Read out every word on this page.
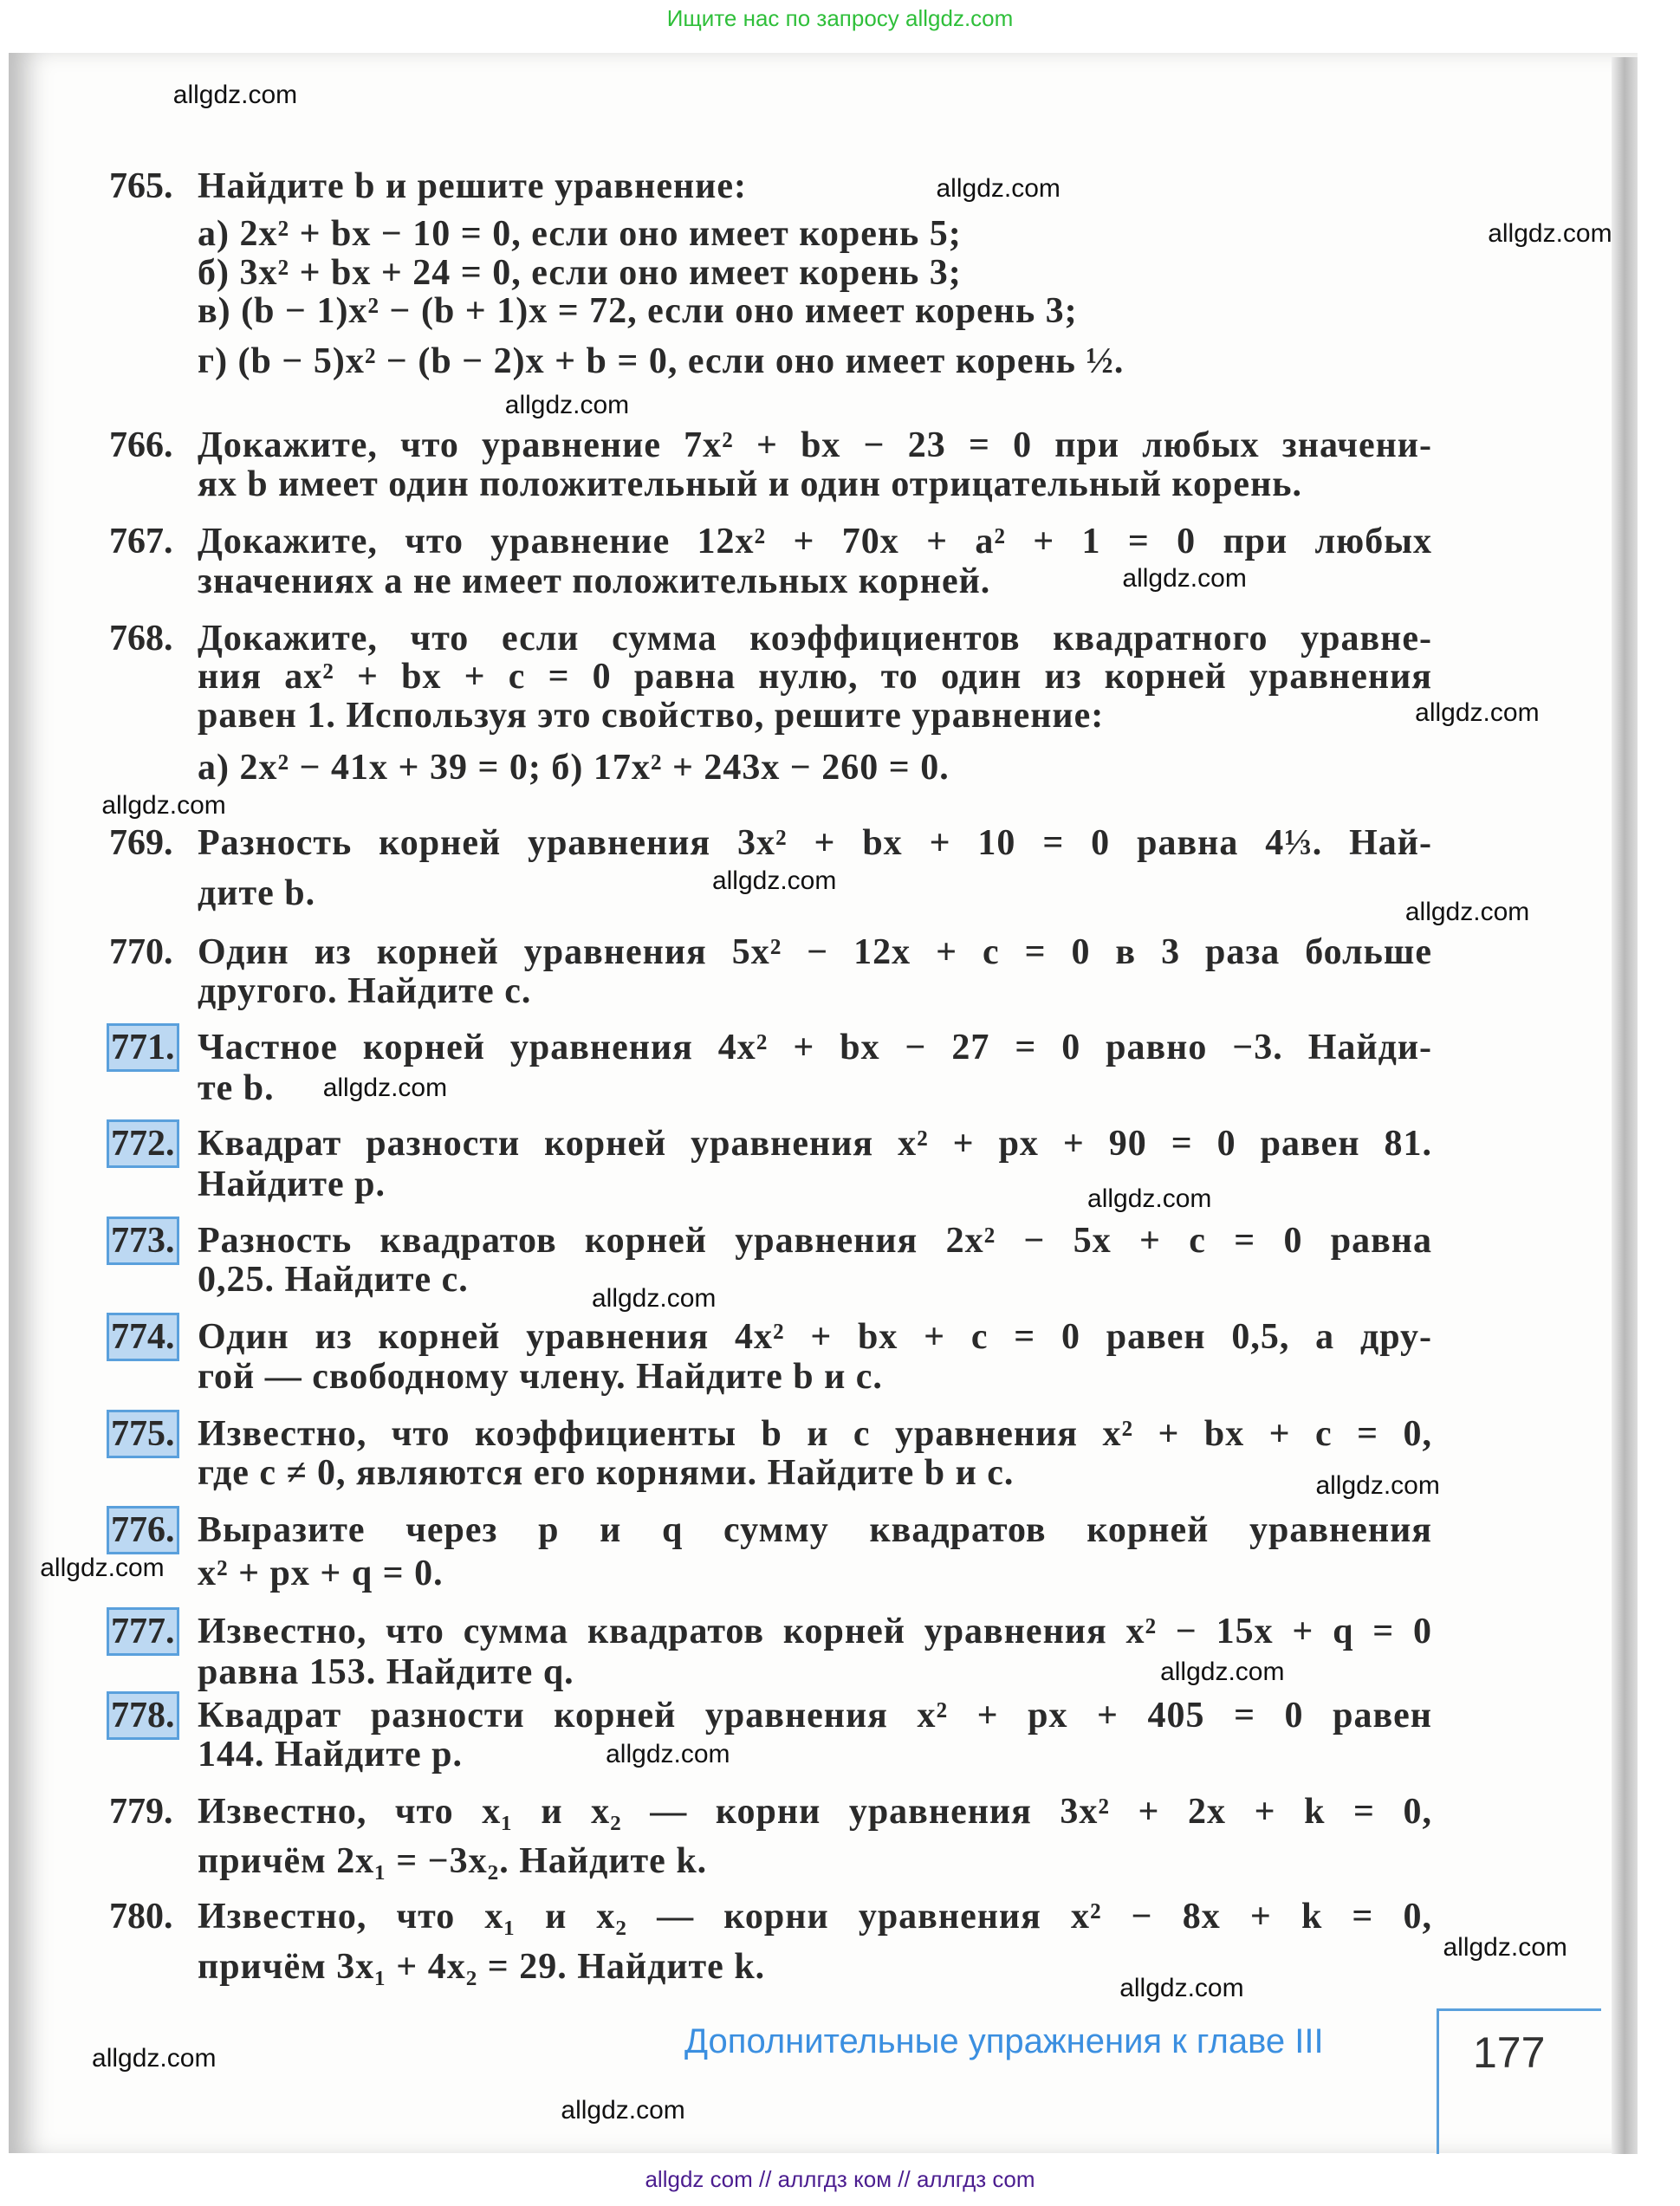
Ищите нас по запросу allgdz.com
765. Найдите b и решите уравнение:
а) 2x² + bx − 10 = 0, если оно имеет корень 5;
б) 3x² + bx + 24 = 0, если оно имеет корень 3;
в) (b − 1)x² − (b + 1)x = 72, если оно имеет корень 3;
г) (b − 5)x² − (b − 2)x + b = 0, если оно имеет корень ½.
766. Докажите, что уравнение 7x² + bx − 23 = 0 при любых значени-
ях b имеет один положительный и один отрицательный корень.
767. Докажите, что уравнение 12x² + 70x + a² + 1 = 0 при любых
значениях a не имеет положительных корней.
768. Докажите, что если сумма коэффициентов квадратного уравне-
ния ax² + bx + c = 0 равна нулю, то один из корней уравнения
равен 1. Используя это свойство, решите уравнение:
а) 2x² − 41x + 39 = 0; б) 17x² + 243x − 260 = 0.
769. Разность корней уравнения 3x² + bx + 10 = 0 равна 4⅓. Най-
дите b.
770. Один из корней уравнения 5x² − 12x + c = 0 в 3 раза больше
другого. Найдите c.
771. Частное корней уравнения 4x² + bx − 27 = 0 равно −3. Найди-
те b.
772. Квадрат разности корней уравнения x² + px + 90 = 0 равен 81.
Найдите p.
773. Разность квадратов корней уравнения 2x² − 5x + c = 0 равна
0,25. Найдите c.
774. Один из корней уравнения 4x² + bx + c = 0 равен 0,5, а дру-
гой — свободному члену. Найдите b и c.
775. Известно, что коэффициенты b и c уравнения x² + bx + c = 0,
где c ≠ 0, являются его корнями. Найдите b и c.
776. Выразите через p и q сумму квадратов корней уравнения
x² + px + q = 0.
777. Известно, что сумма квадратов корней уравнения x² − 15x + q = 0
равна 153. Найдите q.
778. Квадрат разности корней уравнения x² + px + 405 = 0 равен
144. Найдите p.
779. Известно, что x₁ и x₂ — корни уравнения 3x² + 2x + k = 0,
причём 2x₁ = −3x₂. Найдите k.
780. Известно, что x₁ и x₂ — корни уравнения x² − 8x + k = 0,
причём 3x₁ + 4x₂ = 29. Найдите k.
Дополнительные упражнения к главе III	177
allgdz com // аллгдз ком // аллгдз com
allgdz.com
allgdz.com
allgdz.com
allgdz.com
allgdz.com
allgdz.com
allgdz.com
allgdz.com
allgdz.com
allgdz.com
allgdz.com
allgdz.com
allgdz.com
allgdz.com
allgdz.com
allgdz.com
allgdz.com
allgdz.com
allgdz.com
allgdz.com
